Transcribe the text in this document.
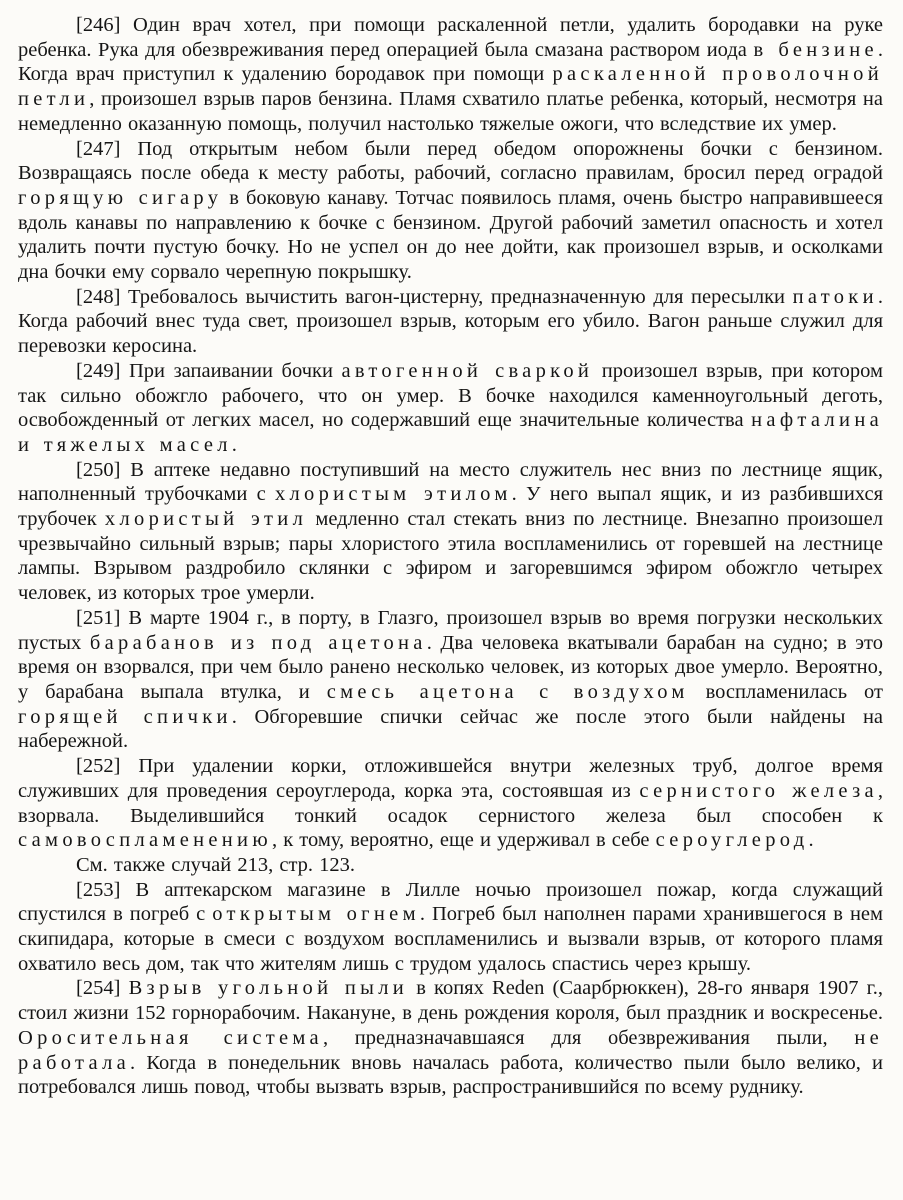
[246] Один врач хотел, при помощи раскаленной петли, удалить бородавки на руке ребенка. Рука для обезвреживания перед операцией была смазана раствором иода в бензине. Когда врач приступил к удалению бородавок при помощи раскаленной проволочной петли, произошел взрыв паров бензина. Пламя схватило платье ребенка, который, несмотря на немедленно оказанную помощь, получил настолько тяжелые ожоги, что вследствие их умер.

[247] Под открытым небом были перед обедом опорожнены бочки с бензином. Возвращаясь после обеда к месту работы, рабочий, согласно правилам, бросил перед оградой горящую сигару в боковую канаву. Тотчас появилось пламя, очень быстро направившееся вдоль канавы по направлению к бочке с бензином. Другой рабочий заметил опасность и хотел удалить почти пустую бочку. Но не успел он до нее дойти, как произошел взрыв, и осколками дна бочки ему сорвало черепную покрышку.

[248] Требовалось вычистить вагон-цистерну, предназначенную для пересылки патоки. Когда рабочий внес туда свет, произошел взрыв, которым его убило. Вагон раньше служил для перевозки керосина.

[249] При запаивании бочки автогенной сваркой произошел взрыв, при котором так сильно обожгло рабочего, что он умер. В бочке находился каменноугольный деготь, освобожденный от легких масел, но содержавший еще значительные количества нафталина и тяжелых масел.

[250] В аптеке недавно поступивший на место служитель нес вниз по лестнице ящик, наполненный трубочками с хлористым этилом. У него выпал ящик, и из разбившихся трубочек хлористый этил медленно стал стекать вниз по лестнице. Внезапно произошел чрезвычайно сильный взрыв; пары хлористого этила воспламенились от горевшей на лестнице лампы. Взрывом раздробило склянки с эфиром и загоревшимся эфиром обожгло четырех человек, из которых трое умерли.

[251] В марте 1904 г., в порту, в Глазго, произошел взрыв во время погрузки нескольких пустых барабанов из под ацетона. Два человека вкатывали барабан на судно; в это время он взорвался, при чем было ранено несколько человек, из которых двое умерло. Вероятно, у барабана выпала втулка, и смесь ацетона с воздухом воспламенилась от горящей спички. Обгоревшие спички сейчас же после этого были найдены на набережной.

[252] При удалении корки, отложившейся внутри железных труб, долгое время служивших для проведения сероуглерода, корка эта, состоявшая из сернистого железа, взорвала. Выделившийся тонкий осадок сернистого железа был способен к самовоспламенению, к тому, вероятно, еще и удерживал в себе сероуглерод.

См. также случай 213, стр. 123.

[253] В аптекарском магазине в Лилле ночью произошел пожар, когда служащий спустился в погреб с открытым огнем. Погреб был наполнен парами хранившегося в нем скипидара, которые в смеси с воздухом воспламенились и вызвали взрыв, от которого пламя охватило весь дом, так что жителям лишь с трудом удалось спастись через крышу.

[254] Взрыв угольной пыли в копях Reden (Саарбрюккен), 28-го января 1907 г., стоил жизни 152 горнорабочим. Накануне, в день рождения короля, был праздник и воскресенье. Оросительная система, предназначавшаяся для обезвреживания пыли, не работала. Когда в понедельник вновь началась работа, количество пыли было велико, и потребовался лишь повод, чтобы вызвать взрыв, распространившийся по всему руднику.
